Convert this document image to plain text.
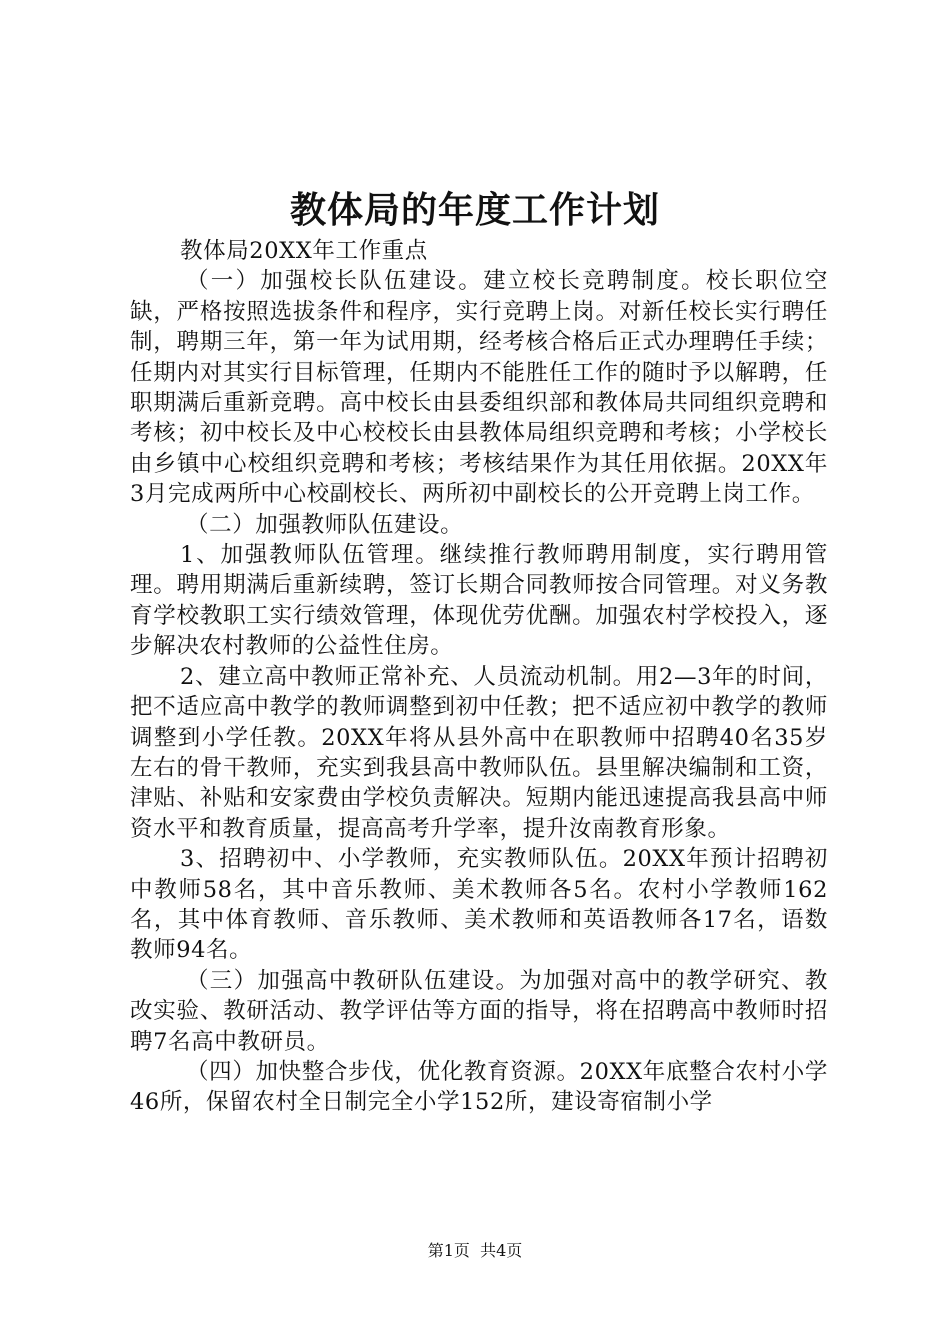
教体局的年度工作计划

教体局20XX年工作重点

（一）加强校长队伍建设。建立校长竞聘制度。校长职位空缺，严格按照选拔条件和程序，实行竞聘上岗。对新任校长实行聘任制，聘期三年，第一年为试用期，经考核合格后正式办理聘任手续；任期内对其实行目标管理，任期内不能胜任工作的随时予以解聘，任职期满后重新竞聘。高中校长由县委组织部和教体局共同组织竞聘和考核；初中校长及中心校校长由县教体局组织竞聘和考核；小学校长由乡镇中心校组织竞聘和考核；考核结果作为其任用依据。20XX年3月完成两所中心校副校长、两所初中副校长的公开竞聘上岗工作。

（二）加强教师队伍建设。

1、加强教师队伍管理。继续推行教师聘用制度，实行聘用管理。聘用期满后重新续聘，签订长期合同教师按合同管理。对义务教育学校教职工实行绩效管理，体现优劳优酬。加强农村学校投入，逐步解决农村教师的公益性住房。

2、建立高中教师正常补充、人员流动机制。用2—3年的时间，把不适应高中教学的教师调整到初中任教；把不适应初中教学的教师调整到小学任教。20XX年将从县外高中在职教师中招聘40名35岁左右的骨干教师，充实到我县高中教师队伍。县里解决编制和工资，津贴、补贴和安家费由学校负责解决。短期内能迅速提高我县高中师资水平和教育质量，提高高考升学率，提升汝南教育形象。

3、招聘初中、小学教师，充实教师队伍。20XX年预计招聘初中教师58名，其中音乐教师、美术教师各5名。农村小学教师162名，其中体育教师、音乐教师、美术教师和英语教师各17名，语数教师94名。

（三）加强高中教研队伍建设。为加强对高中的教学研究、教改实验、教研活动、教学评估等方面的指导，将在招聘高中教师时招聘7名高中教研员。

（四）加快整合步伐，优化教育资源。20XX年底整合农村小学46所，保留农村全日制完全小学152所，建设寄宿制小学

第1页  共4页
